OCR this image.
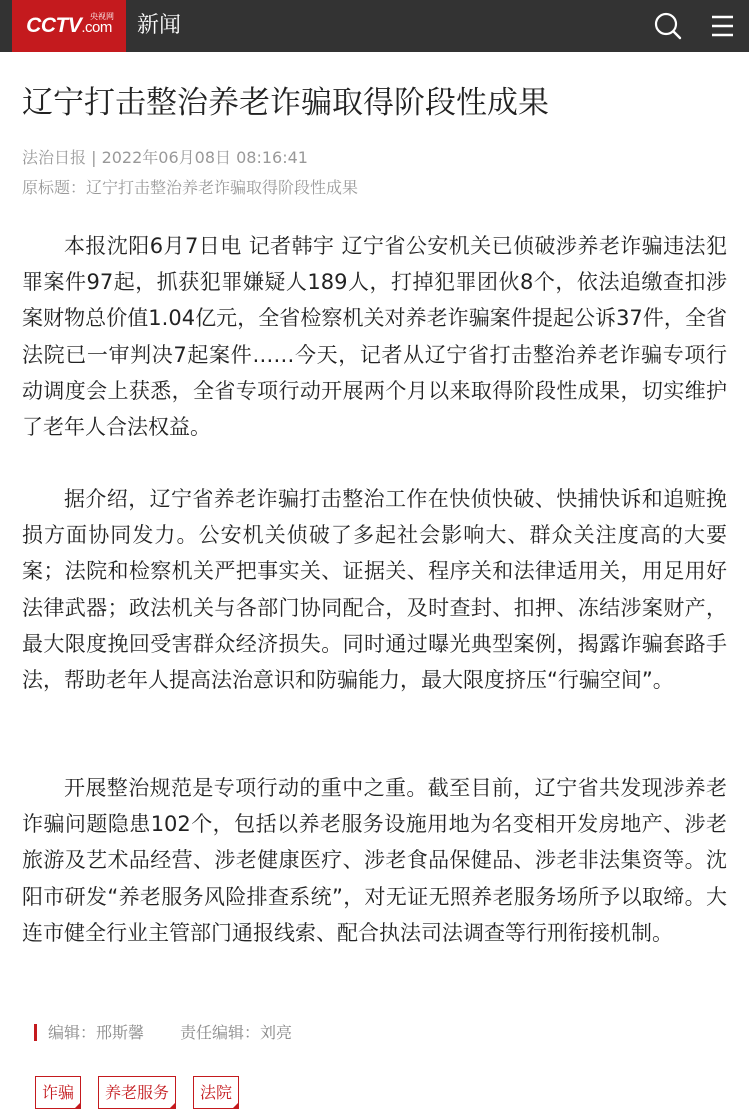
CCTV.com
央视网 新闻
辽宁打击整治养老诈骗取得阶段性成果
法治日报 | 2022年06月08日 08:16:41
原标题：辽宁打击整治养老诈骗取得阶段性成果

本报沈阳6月7日电 记者韩宇 辽宁省公安机关已侦破涉养老诈骗违法犯罪案件97起，抓获犯罪嫌疑人189人，打掉犯罪团伙8个，依法追缴查扣涉案财物总价值1.04亿元，全省检察机关对养老诈骗案件提起公诉37件，全省法院已一审判决7起案件……今天，记者从辽宁省打击整治养老诈骗专项行动调度会上获悉，全省专项行动开展两个月以来取得阶段性成果，切实维护了老年人合法权益。

据介绍，辽宁省养老诈骗打击整治工作在快侦快破、快捕快诉和追赃挽损方面协同发力。公安机关侦破了多起社会影响大、群众关注度高的大要案；法院和检察机关严把事实关、证据关、程序关和法律适用关，用足用好法律武器；政法机关与各部门协同配合，及时查封、扣押、冻结涉案财产，最大限度挽回受害群众经济损失。同时通过曝光典型案例，揭露诈骗套路手法，帮助老年人提高法治意识和防骗能力，最大限度挤压“行骗空间”。

开展整治规范是专项行动的重中之重。截至目前，辽宁省共发现涉养老诈骗问题隐患102个，包括以养老服务设施用地为名变相开发房地产、涉老旅游及艺术品经营、涉老健康医疗、涉老食品保健品、涉老非法集资等。沈阳市研发“养老服务风险排查系统”，对无证无照养老服务场所予以取缔。大连市健全行业主管部门通报线索、配合执法司法调查等行刑衔接机制。

编辑：邢斯馨 责任编辑：刘亮
诈骗	养老服务	法院
